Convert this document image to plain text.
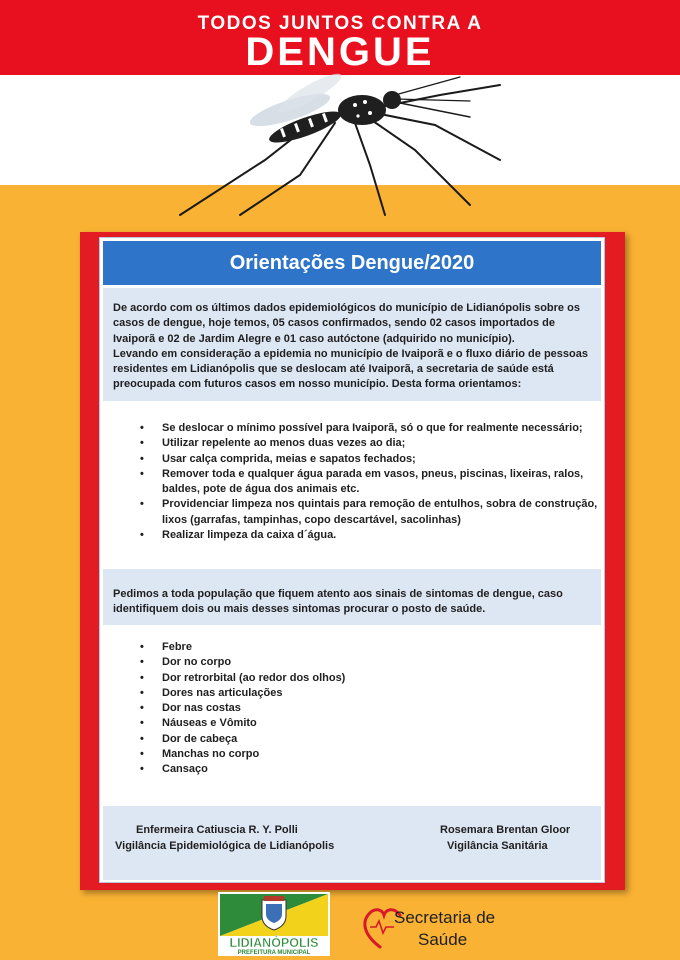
TODOS JUNTOS CONTRA A
DENGUE
Orientações Dengue/2020

De acordo com os últimos dados epidemiológicos do município de Lidianópolis sobre os casos de dengue, hoje temos, 05 casos confirmados, sendo 02 casos importados de Ivaiporã e 02 de Jardim Alegre e 01 caso autóctone (adquirido no município).

Levando em consideração a epidemia no município de Ivaiporã e o fluxo diário de pessoas residentes em Lidianópolis que se deslocam até Ivaiporã, a secretaria de saúde está preocupada com futuros casos em nosso município. Desta forma orientamos:

• Se deslocar o mínimo possível para Ivaiporã, só o que for realmente necessário;
• Utilizar repelente ao menos duas vezes ao dia;
• Usar calça comprida, meias e sapatos fechados;
• Remover toda e qualquer água parada em vasos, pneus, piscinas, lixeiras, ralos, baldes, pote de água dos animais etc.
• Providenciar limpeza nos quintais para remoção de entulhos, sobra de construção, lixos (garrafas, tampinhas, copo descartável, sacolinhas)
• Realizar limpeza da caixa d´água.
Pedimos a toda população que fiquem atento aos sinais de sintomas de dengue, caso identifiquem dois ou mais desses sintomas procurar o posto de saúde.
• Febre
• Dor no corpo
• Dor retrorbital (ao redor dos olhos)
• Dores nas articulações
• Dor nas costas
• Náuseas e Vômito
• Dor de cabeça
• Manchas no corpo
• Cansaço
Enfermeira Catiuscia R. Y. Polli
Vigilância Epidemiológica de Lidianópolis
Rosemara Brentan Gloor
Vigilância Sanitária
LIDIANÓPOLIS
PREFEITURA MUNICIPAL
Secretaria de
Saúde
